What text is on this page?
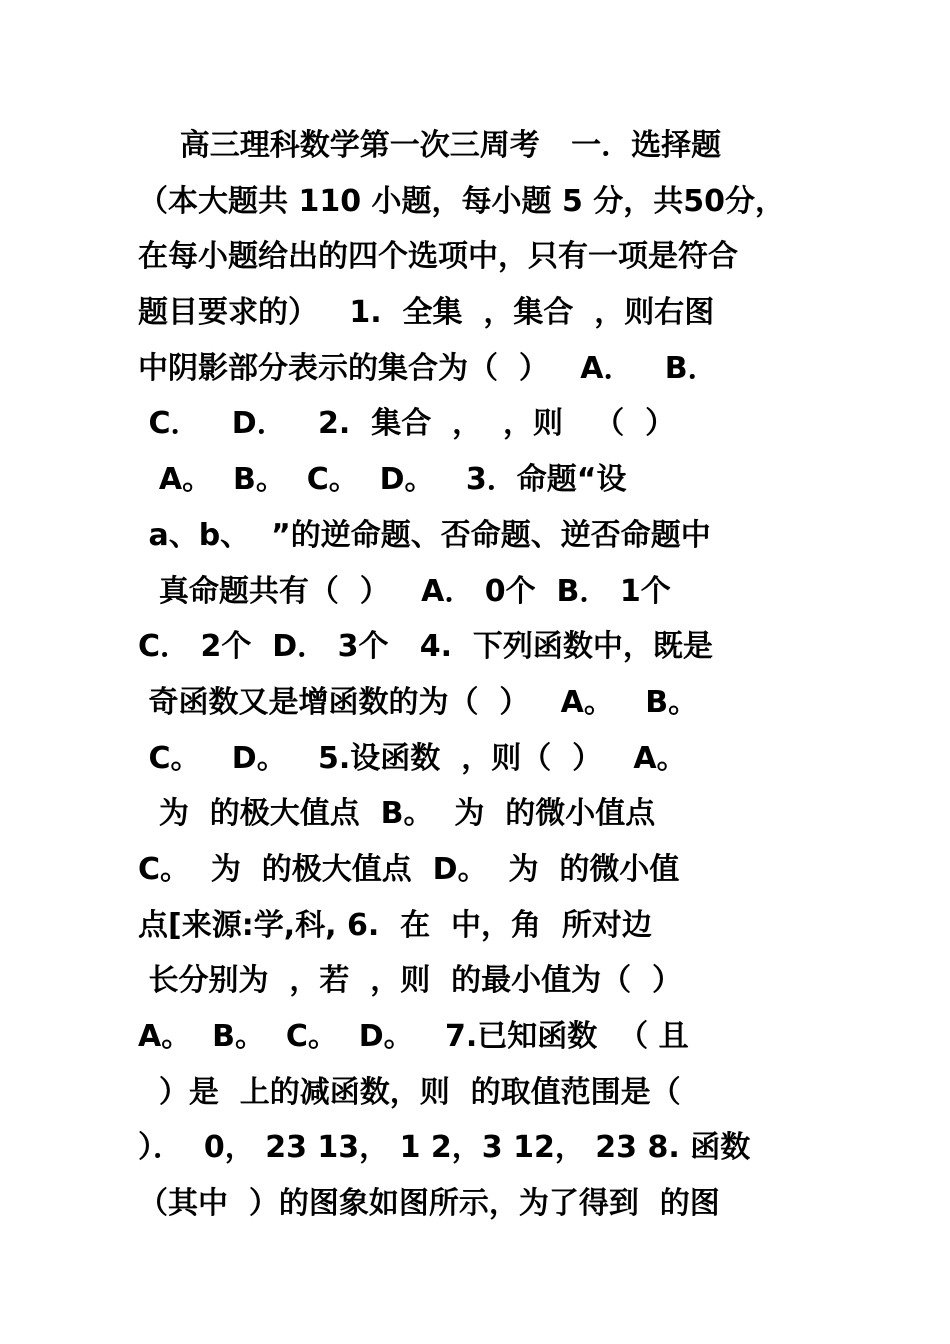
高三理科数学第一次三周考   一．选择题
（本大题共 110 小题，每小题 5 分，共50分，
在每小题给出的四个选项中，只有一项是符合
题目要求的）   1.  全集  ，集合  ，则右图
中阴影部分表示的集合为（  ）   A．   B．
C．   D．   2.  集合  ，  ，则   （  ）
A。  B。  C。  D。   3．命题“设
a、b、  ”的逆命题、否命题、逆否命题中
真命题共有（  ）   A． 0个  B． 1个
C． 2个  D． 3个   4.  下列函数中，既是
奇函数又是增函数的为（  ）   A。   B。
C。   D。   5.设函数  ，则（  ）   A。
为  的极大值点  B。  为  的微小值点
C。  为  的极大值点  D。  为  的微小值
点[来源:学,科, 6.  在  中，角  所对边
长分别为  ，若  ，则  的最小值为（  ）
A。  B。  C。  D。   7.已知函数  （ 且
）是  上的减函数，则  的取值范围是（
）．  0， 23 13， 1 2，3 12， 23 8. 函数
（其中  ）的图象如图所示，为了得到  的图
